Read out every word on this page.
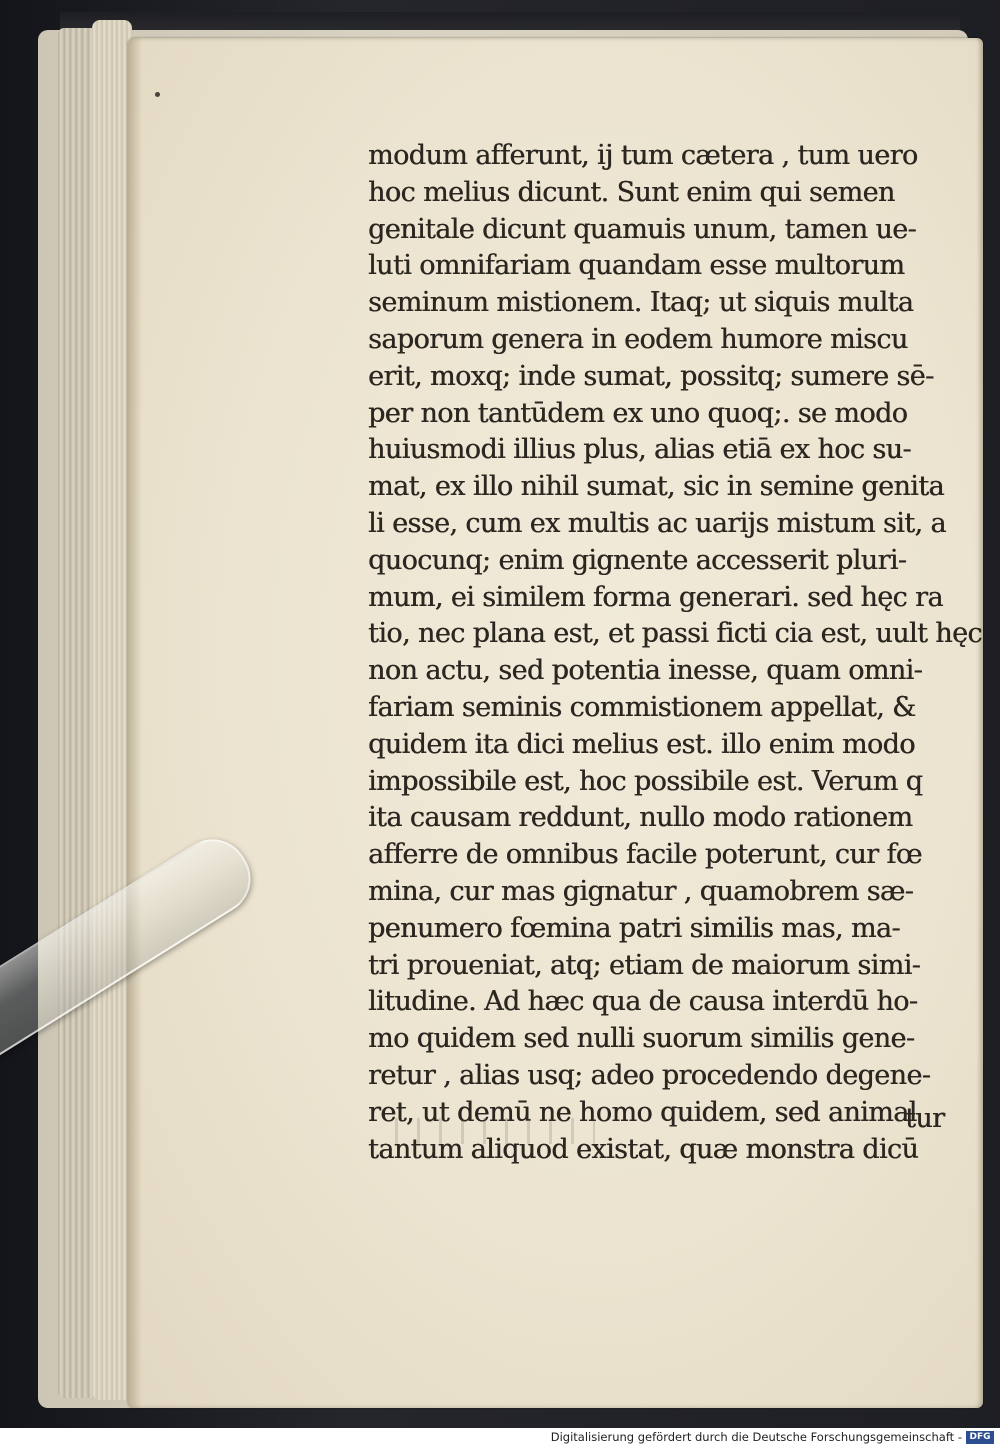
modum afferunt, ij tum cætera , tum uero
hoc melius dicunt. Sunt enim qui semen
genitale dicunt quamuis unum, tamen ue-
luti omnifariam quandam esse multorum
seminum mistionem. Itaq; ut siquis multa
saporum genera in eodem humore miscu
erit, moxq; inde sumat, possitq; sumere sē-
per non tantūdem ex uno quoq;. se modo
huiusmodi illius plus, alias etiā ex hoc su-
mat, ex illo nihil sumat, sic in semine genita
li esse, cum ex multis ac uarijs mistum sit, a
quocunq; enim gignente accesserit pluri-
mum, ei similem forma generari. sed hęc ra
tio, nec plana est, et passi ficti cia est, uult hęc
non actu, sed potentia inesse, quam omni-
fariam seminis commistionem appellat, &
quidem ita dici melius est. illo enim modo
impossibile est, hoc possibile est. Verum q
ita causam reddunt, nullo modo rationem
afferre de omnibus facile poterunt, cur fœ
mina, cur mas gignatur , quamobrem sæ-
penumero fœmina patri similis mas, ma-
tri proueniat, atq; etiam de maiorum simi-
litudine. Ad hæc qua de causa interdū ho-
mo quidem sed nulli suorum similis gene-
retur , alias usq; adeo procedendo degene-
ret, ut demū ne homo quidem, sed animal
tantum aliquod existat, quæ monstra dicū
tur
Digitalisierung gefördert durch die Deutsche Forschungsgemeinschaft - DFG
